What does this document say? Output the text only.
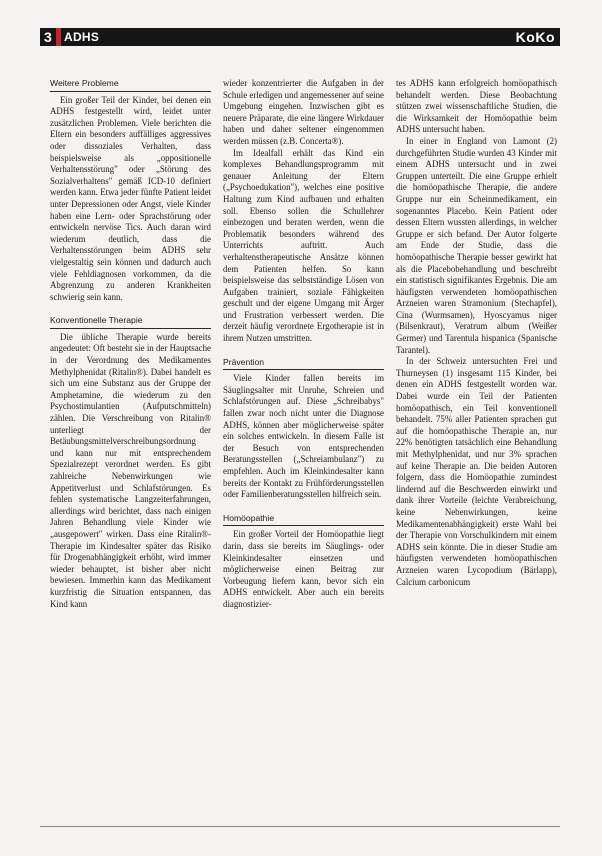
3	ADHS	KoKo
Weitere Probleme

Ein großer Teil der Kinder, bei denen ein ADHS festgestellt wird, leidet unter zusätzlichen Problemen. Viele berichten die Eltern ein besonders auffälliges aggressives oder dissoziales Verhalten, dass beispielsweise als „oppositionelle Verhaltensstörung" oder „Störung des Sozialverhaltens" gemäß ICD-10 definiert werden kann. Etwa jeder fünfte Patient leidet unter Depressionen oder Angst, viele Kinder haben eine Lern- oder Sprachstörung oder entwickeln nervöse Tics. Auch daran wird wiederum deutlich, dass die Verhaltensstörungen beim ADHS sehr vielgestaltig sein können und dadurch auch viele Fehldiagnosen vorkommen, da die Abgrenzung zu anderen Krankheiten schwierig sein kann.

Konventionelle Therapie

Die übliche Therapie wurde bereits angedeutet: Oft besteht sie in der Hauptsache in der Verordnung des Medikamentes Methylphenidat (Ritalin®). Dabei handelt es sich um eine Substanz aus der Gruppe der Amphetamine, die wiederum zu den Psychostimulantien (Aufputschmitteln) zählen. Die Verschreibung von Ritalin® unterliegt der Betäubungsmittelverschreibungsordnung und kann nur mit entsprechendem Spezialrezept verordnet werden. Es gibt zahlreiche Nebenwirkungen wie Appetitverlust und Schlafstörungen. Es fehlen systematische Langzeiterfahrungen, allerdings wird berichtet, dass nach einigen Jahren Behandlung viele Kinder wie „ausgepowert" wirken. Dass eine Ritalin®-Therapie im Kindesalter später das Risiko für Drogenabhängigkeit erhöht, wird immer wieder behauptet, ist bisher aber nicht bewiesen. Immerhin kann das Medikament kurzfristig die Situation entspannen, das Kind kann

wieder konzentrierter die Aufgaben in der Schule erledigen und angemessener auf seine Umgebung eingehen. Inzwischen gibt es neuere Präparate, die eine längere Wirkdauer haben und daher seltener eingenommen werden müssen (z.B. Concerta®).

Im Idealfall erhält das Kind ein komplexes Behandlungsprogramm mit genauer Anleitung der Eltern („Psychoedukation"), welches eine positive Haltung zum Kind aufbauen und erhalten soll. Ebenso sollen die Schullehrer einbezogen und beraten werden, wenn die Problematik besonders während des Unterrichts auftritt. Auch verhaltenstherapeutische Ansätze können dem Patienten helfen. So kann beispielsweise das selbstständige Lösen von Aufgaben trainiert, soziale Fähigkeiten geschult und der eigene Umgang mit Ärger und Frustration verbessert werden. Die derzeit häufig verordnete Ergotherapie ist in ihrem Nutzen umstritten.

Prävention

Viele Kinder fallen bereits im Säuglingsalter mit Unruhe, Schreien und Schlafstörungen auf. Diese „Schreibabys" fallen zwar noch nicht unter die Diagnose ADHS, können aber möglicherweise später ein solches entwickeln. In diesem Falle ist der Besuch von entsprechenden Beratungsstellen („Schreiambulanz") zu empfehlen. Auch im Kleinkindesalter kann bereits der Kontakt zu Frühförderungsstellen oder Familienberatungsstellen hilfreich sein.

Homöopathie

Ein großer Vorteil der Homöopathie liegt darin, dass sie bereits im Säuglings- oder Kleinkindesalter einsetzen und möglicherweise einen Beitrag zur Vorbeugung liefern kann, bevor sich ein ADHS entwickelt. Aber auch ein bereits diagnostizier-

tes ADHS kann erfolgreich homöopathisch behandelt werden. Diese Beobachtung stützen zwei wissenschaftliche Studien, die die Wirksamkeit der Homöopathie beim ADHS untersucht haben.

In einer in England von Lamont (2) durchgeführten Studie wurden 43 Kinder mit einem ADHS untersucht und in zwei Gruppen unterteilt. Die eine Gruppe erhielt die homöopathische Therapie, die andere Gruppe nur ein Scheinmedikament, ein sogenanntes Placebo. Kein Patient oder dessen Eltern wussten allerdings, in welcher Gruppe er sich befand. Der Autor folgerte am Ende der Studie, dass die homöopathische Therapie besser gewirkt hat als die Placebobehandlung und beschreibt ein statistisch signifikantes Ergebnis. Die am häufigsten verwendeten homöopathischen Arzneien waren Stramonium (Stechapfel), Cina (Wurmsamen), Hyoscyamus niger (Bilsenkraut), Veratrum album (Weißer Germer) und Tarentula hispanica (Spanische Tarantel).

In der Schweiz untersuchten Frei und Thurneysen (1) insgesamt 115 Kinder, bei denen ein ADHS festgestellt worden war. Dabei wurde ein Teil der Patienten homöopathisch, ein Teil konventionell behandelt. 75% aller Patienten sprachen gut auf die homöopathische Therapie an, nur 22% benötigten tatsächlich eine Behandlung mit Methylphenidat, und nur 3% sprachen auf keine Therapie an. Die beiden Autoren folgern, dass die Homöopathie zumindest lindernd auf die Beschwerden einwirkt und dank ihrer Vorteile (leichte Verabreichung, keine Nebenwirkungen, keine Medikamentenabhängigkeit) erste Wahl bei der Therapie von Vorschulkindern mit einem ADHS sein könnte. Die in dieser Studie am häufigsten verwendeten homöopathischen Arzneien waren Lycopodium (Bärlapp), Calcium carbonicum
